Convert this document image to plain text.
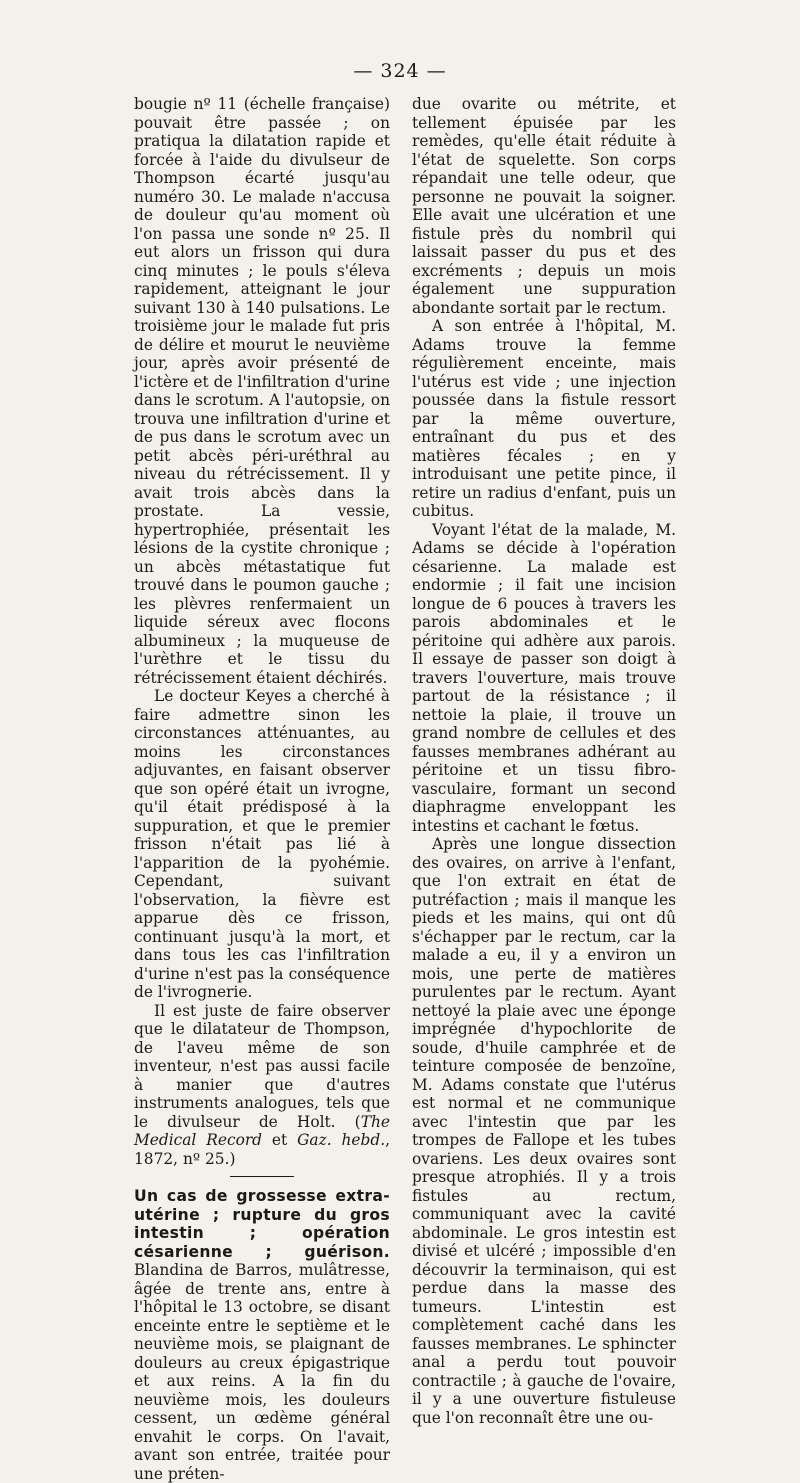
— 324 —

bougie nº 11 (échelle française) pouvait être passée ; on pratiqua la dilatation rapide et forcée à l'aide du divulseur de Thompson écarté jusqu'au numéro 30. Le malade n'accusa de douleur qu'au moment où l'on passa une sonde nº 25. Il eut alors un frisson qui dura cinq minutes ; le pouls s'éleva rapidement, atteignant le jour suivant 130 à 140 pulsations. Le troisième jour le malade fut pris de délire et mourut le neuvième jour, après avoir présenté de l'ictère et de l'infiltration d'urine dans le scrotum. A l'autopsie, on trouva une infiltration d'urine et de pus dans le scrotum avec un petit abcès péri-uréthral au niveau du rétrécissement. Il y avait trois abcès dans la prostate. La vessie, hypertrophiée, présentait les lésions de la cystite chronique ; un abcès métastatique fut trouvé dans le poumon gauche ; les plèvres renfermaient un liquide séreux avec flocons albumineux ; la muqueuse de l'urèthre et le tissu du rétrécissement étaient déchirés.

Le docteur Keyes a cherché à faire admettre sinon les circonstances atténuantes, au moins les circonstances adjuvantes, en faisant observer que son opéré était un ivrogne, qu'il était prédisposé à la suppuration, et que le premier frisson n'était pas lié à l'apparition de la pyohémie. Cependant, suivant l'observation, la fièvre est apparue dès ce frisson, continuant jusqu'à la mort, et dans tous les cas l'infiltration d'urine n'est pas la conséquence de l'ivrognerie.

Il est juste de faire observer que le dilatateur de Thompson, de l'aveu même de son inventeur, n'est pas aussi facile à manier que d'autres instruments analogues, tels que le divulseur de Holt. (The Medical Record et Gaz. hebd., 1872, nº 25.)

Un cas de grossesse extra-utérine ; rupture du gros intestin ; opération césarienne ; guérison. Blandina de Barros, mulâtresse, âgée de trente ans, entre à l'hôpital le 13 octobre, se disant enceinte entre le septième et le neuvième mois, se plaignant de douleurs au creux épigastrique et aux reins. A la fin du neuvième mois, les douleurs cessent, un œdème général envahit le corps. On l'avait, avant son entrée, traitée pour une préten-

due ovarite ou métrite, et tellement épuisée par les remèdes, qu'elle était réduite à l'état de squelette. Son corps répandait une telle odeur, que personne ne pouvait la soigner. Elle avait une ulcération et une fistule près du nombril qui laissait passer du pus et des excréments ; depuis un mois également une suppuration abondante sortait par le rectum.

A son entrée à l'hôpital, M. Adams trouve la femme régulièrement enceinte, mais l'utérus est vide ; une injection poussée dans la fistule ressort par la même ouverture, entraînant du pus et des matières fécales ; en y introduisant une petite pince, il retire un radius d'enfant, puis un cubitus.

Voyant l'état de la malade, M. Adams se décide à l'opération césarienne. La malade est endormie ; il fait une incision longue de 6 pouces à travers les parois abdominales et le péritoine qui adhère aux parois. Il essaye de passer son doigt à travers l'ouverture, mais trouve partout de la résistance ; il nettoie la plaie, il trouve un grand nombre de cellules et des fausses membranes adhérant au péritoine et un tissu fibro-vasculaire, formant un second diaphragme enveloppant les intestins et cachant le fœtus.

Après une longue dissection des ovaires, on arrive à l'enfant, que l'on extrait en état de putréfaction ; mais il manque les pieds et les mains, qui ont dû s'échapper par le rectum, car la malade a eu, il y a environ un mois, une perte de matières purulentes par le rectum. Ayant nettoyé la plaie avec une éponge imprégnée d'hypochlorite de soude, d'huile camphrée et de teinture composée de benzoïne, M. Adams constate que l'utérus est normal et ne communique avec l'intestin que par les trompes de Fallope et les tubes ovariens. Les deux ovaires sont presque atrophiés. Il y a trois fistules au rectum, communiquant avec la cavité abdominale. Le gros intestin est divisé et ulcéré ; impossible d'en découvrir la terminaison, qui est perdue dans la masse des tumeurs. L'intestin est complètement caché dans les fausses membranes. Le sphincter anal a perdu tout pouvoir contractile ; à gauche de l'ovaire, il y a une ouverture fistuleuse que l'on reconnaît être une ou-
